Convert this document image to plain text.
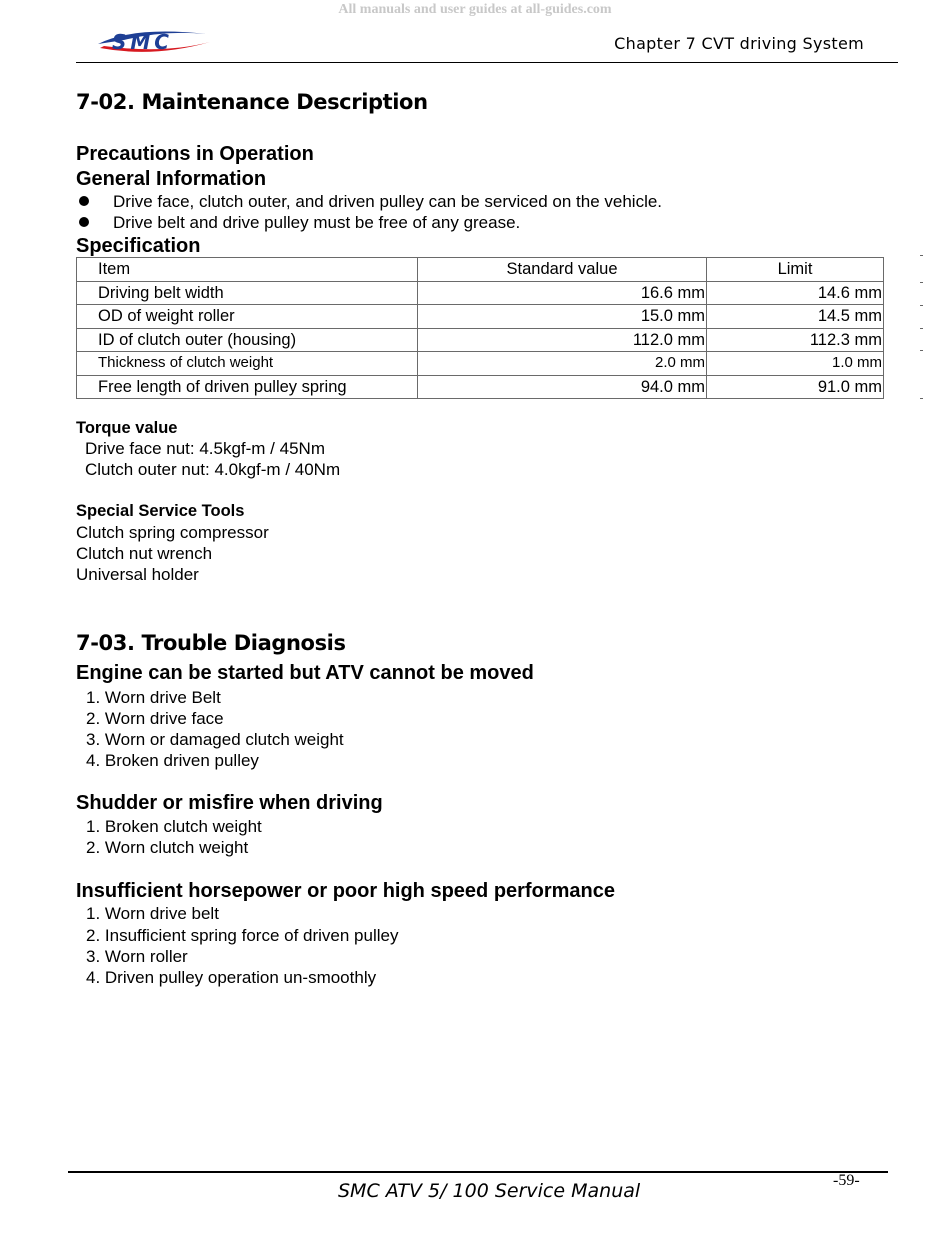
All manuals and user guides at all-guides.com
SMC	Chapter 7 CVT driving System
7-02. Maintenance Description
Precautions in Operation
General Information
Drive face, clutch outer, and driven pulley can be serviced on the vehicle.
Drive belt and drive pulley must be free of any grease.
Specification
Item	Standard value	Limit
Driving belt width	16.6 mm	14.6 mm
OD of weight roller	15.0 mm	14.5 mm
ID of clutch outer (housing)	112.0 mm	112.3 mm
Thickness of clutch weight	2.0 mm	1.0 mm
Free length of driven pulley spring	94.0 mm	91.0 mm
Torque value
Drive face nut: 4.5kgf-m / 45Nm
Clutch outer nut: 4.0kgf-m / 40Nm
Special Service Tools
Clutch spring compressor
Clutch nut wrench
Universal holder
7-03. Trouble Diagnosis
Engine can be started but ATV cannot be moved
1. Worn drive Belt
2. Worn drive face
3. Worn or damaged clutch weight
4. Broken driven pulley
Shudder or misfire when driving
1. Broken clutch weight
2. Worn clutch weight
Insufficient horsepower or poor high speed performance
1. Worn drive belt
2. Insufficient spring force of driven pulley
3. Worn roller
4. Driven pulley operation un-smoothly
-59-
SMC ATV 5/ 100 Service Manual
